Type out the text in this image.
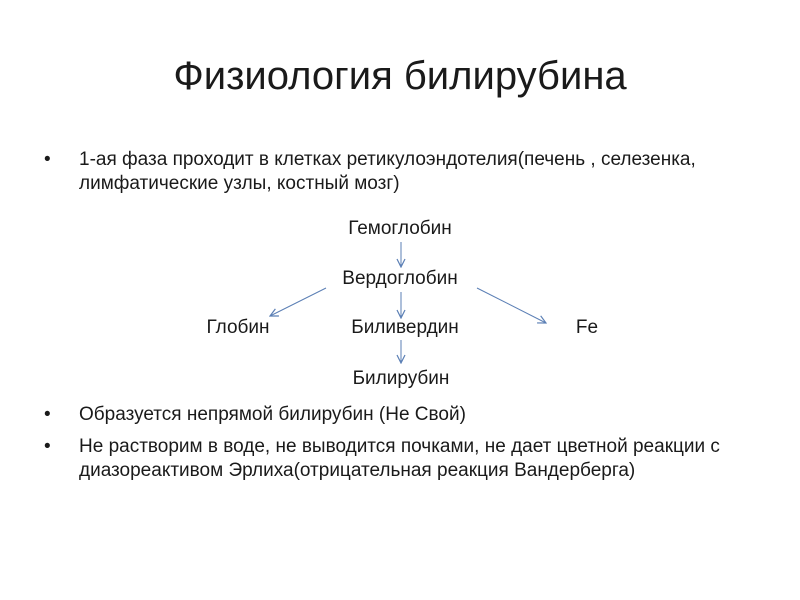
Физиология билирубина
• 1-ая фаза проходит в клетках ретикулоэндотелия(печень , селезенка, лимфатические узлы, костный мозг)
• Образуется непрямой билирубин (Не Свой)
• Не растворим в воде, не выводится почками, не дает цветной реакции с диазореактивом Эрлиха(отрицательная реакция Вандерберга)
Гемоглобин
Вердоглобин
Глобин	Биливердин	Fe
Билирубин
